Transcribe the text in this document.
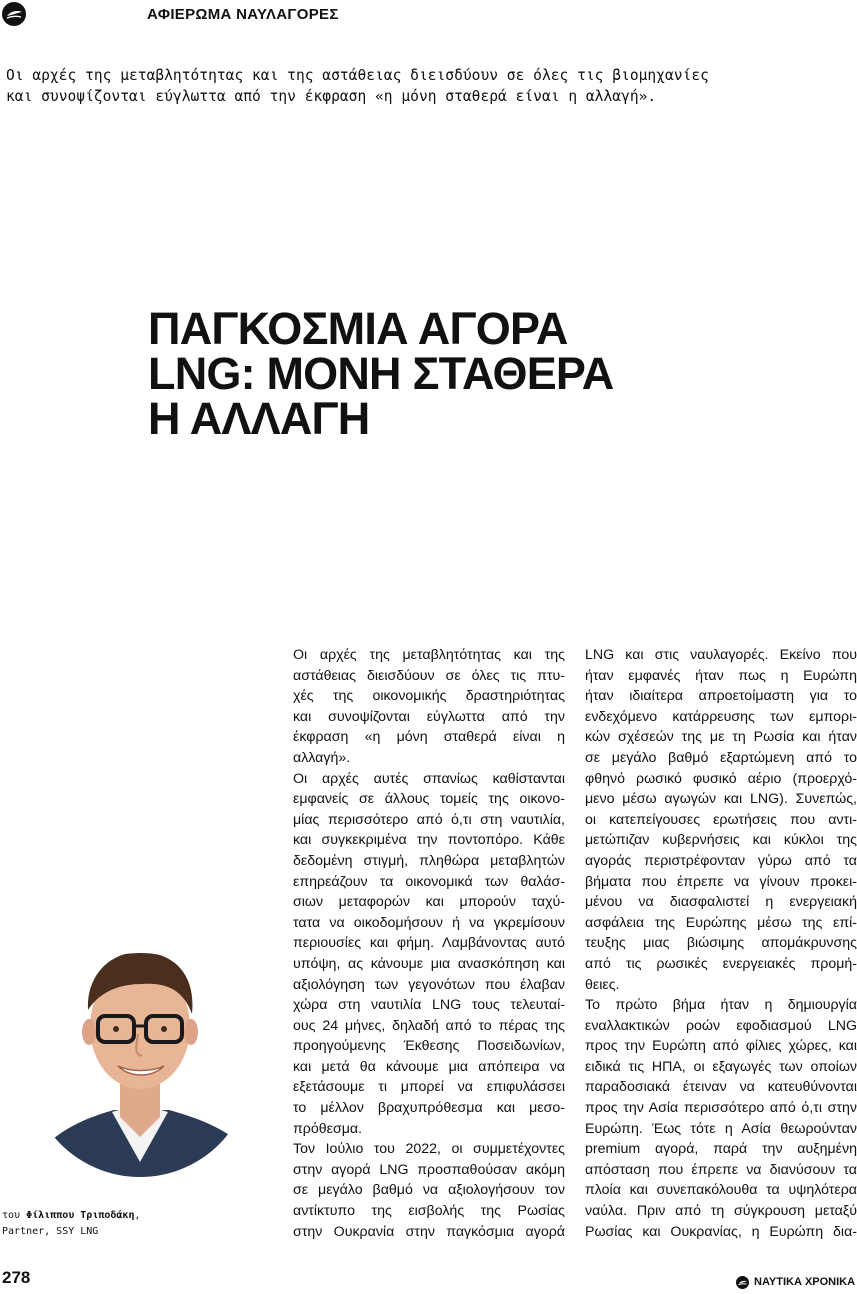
ΑΦΙΕΡΩΜΑ ΝΑΥΛΑΓΟΡΕΣ
Οι αρχές της μεταβλητότητας και της αστάθειας διεισδύουν σε όλες τις βιομηχανίες
και συνοψίζονται εύγλωττα από την έκφραση «η μόνη σταθερά είναι η αλλαγή».
ΠΑΓΚΟΣΜΙΑ ΑΓΟΡΑ
LNG: ΜΟΝΗ ΣΤΑΘΕΡΑ
Η ΑΛΛΑΓΗ
του Φίλιππου Τριποδάκη,
Partner, SSY LNG
Οι αρχές της μεταβλητότητας και της
αστάθειας διεισδύουν σε όλες τις πτυ-
χές της οικονομικής δραστηριότητας
και συνοψίζονται εύγλωττα από την
έκφραση «η μόνη σταθερά είναι η
αλλαγή».
Οι αρχές αυτές σπανίως καθίστανται
εμφανείς σε άλλους τομείς της οικονο-
μίας περισσότερο από ό,τι στη ναυτιλία,
και συγκεκριμένα την ποντοπόρο. Κάθε
δεδομένη στιγμή, πληθώρα μεταβλητών
επηρεάζουν τα οικονομικά των θαλάσ-
σιων μεταφορών και μπορούν ταχύ-
τατα να οικοδομήσουν ή να γκρεμίσουν
περιουσίες και φήμη. Λαμβάνοντας αυτό
υπόψη, ας κάνουμε μια ανασκόπηση και
αξιολόγηση των γεγονότων που έλαβαν
χώρα στη ναυτιλία LNG τους τελευταί-
ους 24 μήνες, δηλαδή από το πέρας της
προηγούμενης Έκθεσης Ποσειδωνίων,
και μετά θα κάνουμε μια απόπειρα να
εξετάσουμε τι μπορεί να επιφυλάσσει
το μέλλον βραχυπρόθεσμα και μεσο-
πρόθεσμα.
Τον Ιούλιο του 2022, οι συμμετέχοντες
στην αγορά LNG προσπαθούσαν ακόμη
σε μεγάλο βαθμό να αξιολογήσουν τον
αντίκτυπο της εισβολής της Ρωσίας
στην Ουκρανία στην παγκόσμια αγορά
LNG και στις ναυλαγορές. Εκείνο που
ήταν εμφανές ήταν πως η Ευρώπη
ήταν ιδιαίτερα απροετοίμαστη για το
ενδεχόμενο κατάρρευσης των εμπορι-
κών σχέσεών της με τη Ρωσία και ήταν
σε μεγάλο βαθμό εξαρτώμενη από το
φθηνό ρωσικό φυσικό αέριο (προερχό-
μενο μέσω αγωγών και LNG). Συνεπώς,
οι κατεπείγουσες ερωτήσεις που αντι-
μετώπιζαν κυβερνήσεις και κύκλοι της
αγοράς περιστρέφονταν γύρω από τα
βήματα που έπρεπε να γίνουν προκει-
μένου να διασφαλιστεί η ενεργειακή
ασφάλεια της Ευρώπης μέσω της επί-
τευξης μιας βιώσιμης απομάκρυνσης
από τις ρωσικές ενεργειακές προμή-
θειες.
Το πρώτο βήμα ήταν η δημιουργία
εναλλακτικών ροών εφοδιασμού LNG
προς την Ευρώπη από φίλιες χώρες, και
ειδικά τις ΗΠΑ, οι εξαγωγές των οποίων
παραδοσιακά έτειναν να κατευθύνονται
προς την Ασία περισσότερο από ό,τι στην
Ευρώπη. Έως τότε η Ασία θεωρούνταν
premium αγορά, παρά την αυξημένη
απόσταση που έπρεπε να διανύσουν τα
πλοία και συνεπακόλουθα τα υψηλότερα
ναύλα. Πριν από τη σύγκρουση μεταξύ
Ρωσίας και Ουκρανίας, η Ευρώπη δια-
278	ΝΑΥΤΙΚΑ ΧΡΟΝΙΚΑ
